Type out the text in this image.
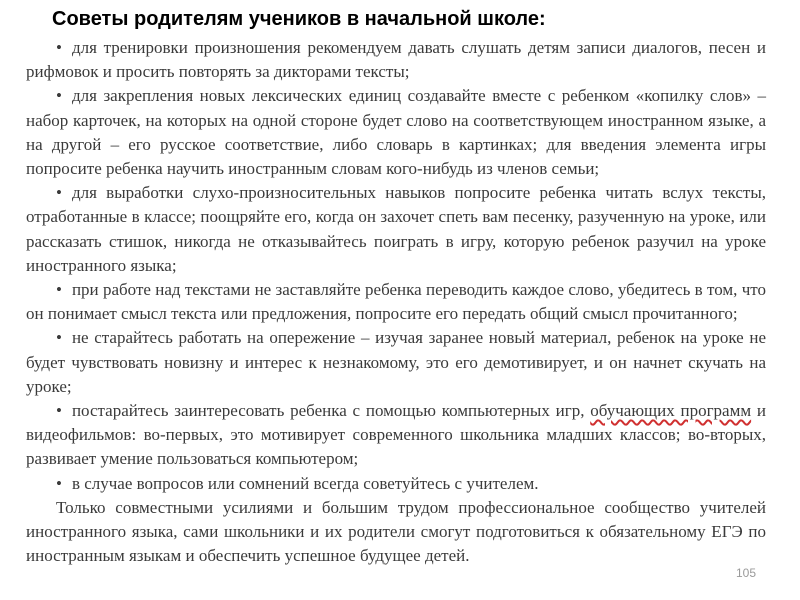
Советы родителям учеников в начальной школе:

• для тренировки произношения рекомендуем давать слушать детям записи диалогов, песен и рифмовок и просить повторять за дикторами тексты;

• для закрепления новых лексических единиц создавайте вместе с ребенком «копилку слов» – набор карточек, на которых на одной стороне будет слово на соответствующем иностранном языке, а на другой – его русское соответствие, либо словарь в картинках; для введения элемента игры попросите ребенка научить иностранным словам кого-нибудь из членов семьи;

• для выработки слухо-произносительных навыков попросите ребенка читать вслух тексты, отработанные в классе; поощряйте его, когда он захочет спеть вам песенку, разученную на уроке, или рассказать стишок, никогда не отказывайтесь поиграть в игру, которую ребенок разучил на уроке иностранного языка;

• при работе над текстами не заставляйте ребенка переводить каждое слово, убедитесь в том, что он понимает смысл текста или предложения, попросите его передать общий смысл прочитанного;

• не старайтесь работать на опережение – изучая заранее новый материал, ребенок на уроке не будет чувствовать новизну и интерес к незнакомому, это его демотивирует, и он начнет скучать на уроке;

• постарайтесь заинтересовать ребенка с помощью компьютерных игр, обучающих программ и видеофильмов: во-первых, это мотивирует современного школьника младших классов; во-вторых, развивает умение пользоваться компьютером;

• в случае вопросов или сомнений всегда советуйтесь с учителем.

Только совместными усилиями и большим трудом профессиональное сообщество учителей иностранного языка, сами школьники и их родители смогут подготовиться к обязательному ЕГЭ по иностранным языкам и обеспечить успешное будущее детей.

105
